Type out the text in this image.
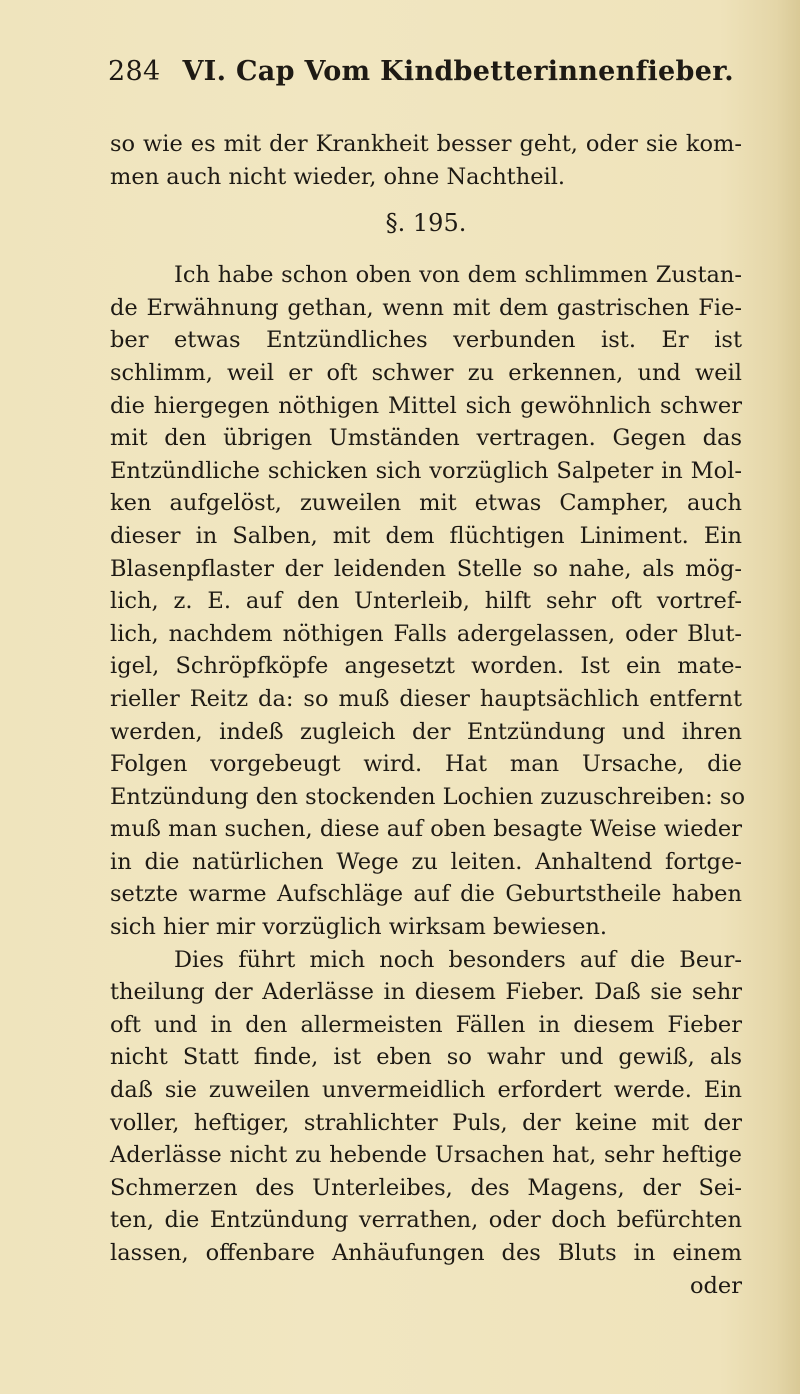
284 VI. Cap Vom Kindbetterinnenfieber.
so wie es mit der Krankheit besser geht, oder sie kom-
men auch nicht wieder, ohne Nachtheil.
§. 195.
Ich habe schon oben von dem schlimmen Zustan-
de Erwähnung gethan, wenn mit dem gastrischen Fie-
ber etwas Entzündliches verbunden ist. Er ist
schlimm, weil er oft schwer zu erkennen, und weil
die hiergegen nöthigen Mittel sich gewöhnlich schwer
mit den übrigen Umständen vertragen. Gegen das
Entzündliche schicken sich vorzüglich Salpeter in Mol-
ken aufgelöst, zuweilen mit etwas Campher, auch
dieser in Salben, mit dem flüchtigen Liniment. Ein
Blasenpflaster der leidenden Stelle so nahe, als mög-
lich, z. E. auf den Unterleib, hilft sehr oft vortref-
lich, nachdem nöthigen Falls adergelassen, oder Blut-
igel, Schröpfköpfe angesetzt worden. Ist ein mate-
rieller Reitz da: so muß dieser hauptsächlich entfernt
werden, indeß zugleich der Entzündung und ihren
Folgen vorgebeugt wird. Hat man Ursache, die
Entzündung den stockenden Lochien zuzuschreiben: so
muß man suchen, diese auf oben besagte Weise wieder
in die natürlichen Wege zu leiten. Anhaltend fortge-
setzte warme Aufschläge auf die Geburtstheile haben
sich hier mir vorzüglich wirksam bewiesen.
Dies führt mich noch besonders auf die Beur-
theilung der Aderlässe in diesem Fieber. Daß sie sehr
oft und in den allermeisten Fällen in diesem Fieber
nicht Statt finde, ist eben so wahr und gewiß, als
daß sie zuweilen unvermeidlich erfordert werde. Ein
voller, heftiger, strahlichter Puls, der keine mit der
Aderlässe nicht zu hebende Ursachen hat, sehr heftige
Schmerzen des Unterleibes, des Magens, der Sei-
ten, die Entzündung verrathen, oder doch befürchten
lassen, offenbare Anhäufungen des Bluts in einem
oder
